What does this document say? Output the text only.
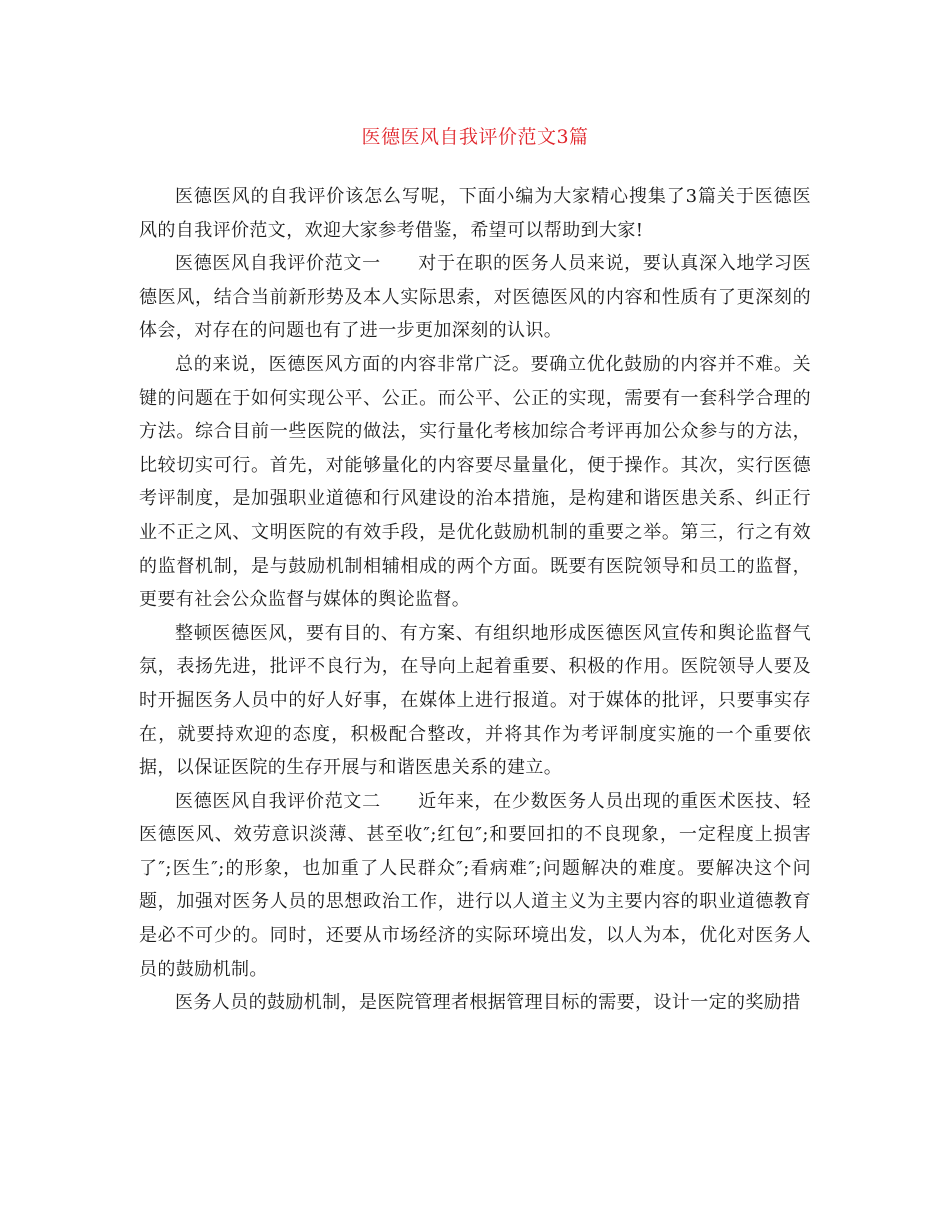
医德医风自我评价范文3篇

医德医风的自我评价该怎么写呢，下面小编为大家精心搜集了3篇关于医德医风的自我评价范文，欢迎大家参考借鉴，希望可以帮助到大家!

医德医风自我评价范文一　　对于在职的医务人员来说，要认真深入地学习医德医风，结合当前新形势及本人实际思索，对医德医风的内容和性质有了更深刻的体会，对存在的问题也有了进一步更加深刻的认识。

总的来说，医德医风方面的内容非常广泛。要确立优化鼓励的内容并不难。关键的问题在于如何实现公平、公正。而公平、公正的实现，需要有一套科学合理的方法。综合目前一些医院的做法，实行量化考核加综合考评再加公众参与的方法，比较切实可行。首先，对能够量化的内容要尽量量化，便于操作。其次，实行医德考评制度，是加强职业道德和行风建设的治本措施，是构建和谐医患关系、纠正行业不正之风、文明医院的有效手段，是优化鼓励机制的重要之举。第三，行之有效的监督机制，是与鼓励机制相辅相成的两个方面。既要有医院领导和员工的监督，更要有社会公众监督与媒体的舆论监督。

整顿医德医风，要有目的、有方案、有组织地形成医德医风宣传和舆论监督气氛，表扬先进，批评不良行为，在导向上起着重要、积极的作用。医院领导人要及时开掘医务人员中的好人好事，在媒体上进行报道。对于媒体的批评，只要事实存在，就要持欢迎的态度，积极配合整改，并将其作为考评制度实施的一个重要依据，以保证医院的生存开展与和谐医患关系的建立。

医德医风自我评价范文二　　近年来，在少数医务人员出现的重医术医技、轻医德医风、效劳意识淡薄、甚至收″;红包″;和要回扣的不良现象，一定程度上损害了″;医生″;的形象，也加重了人民群众″;看病难″;问题解决的难度。要解决这个问题，加强对医务人员的思想政治工作，进行以人道主义为主要内容的职业道德教育是必不可少的。同时，还要从市场经济的实际环境出发，以人为本，优化对医务人员的鼓励机制。

医务人员的鼓励机制，是医院管理者根据管理目标的需要，设计一定的奖励措
